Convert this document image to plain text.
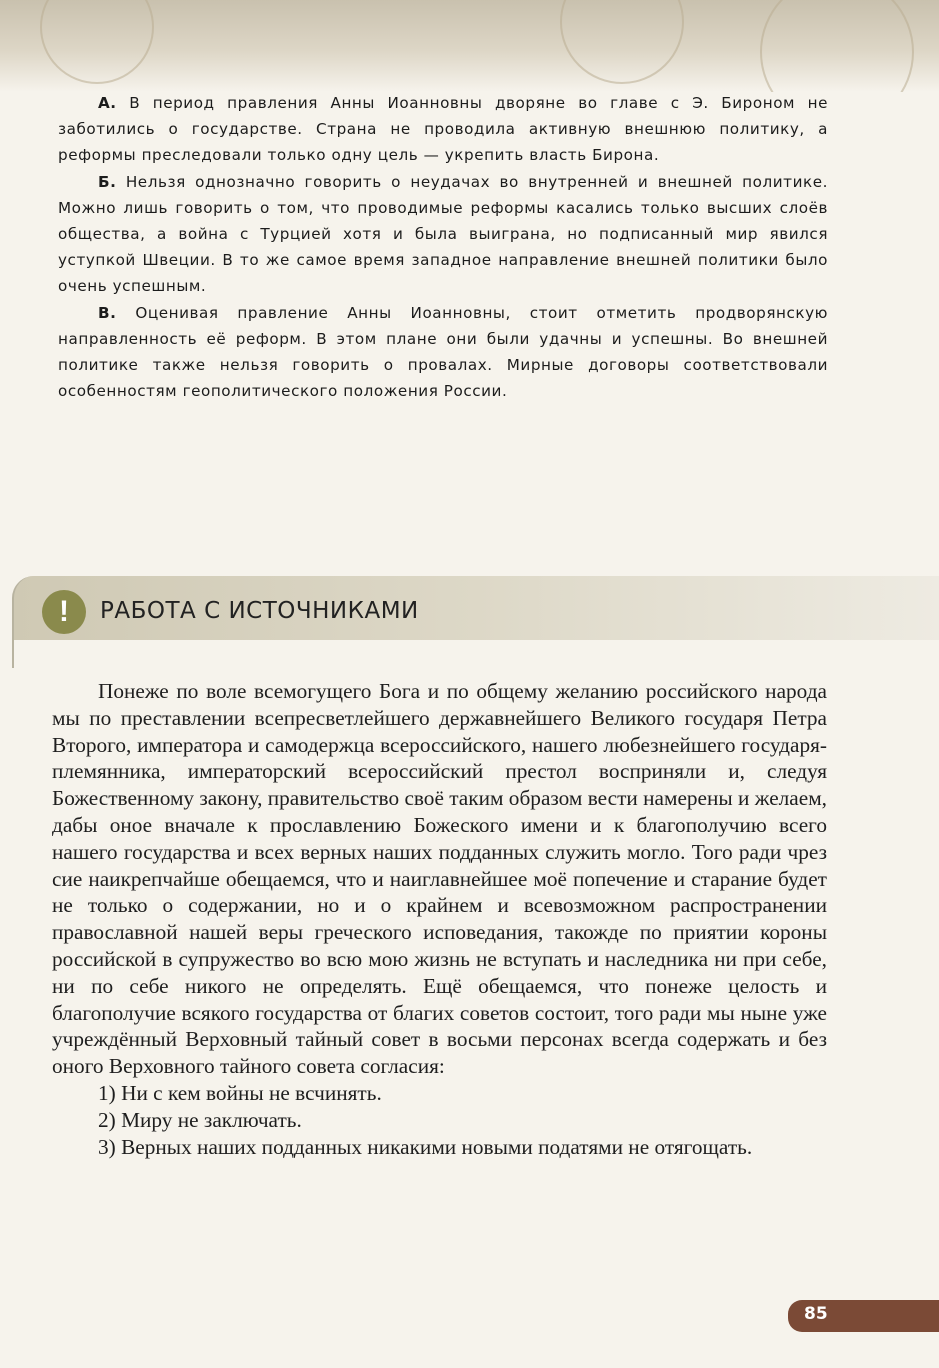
А. В период правления Анны Иоанновны дворяне во главе с Э. Бироном не заботились о государстве. Страна не проводила активную внешнюю политику, а реформы преследовали только одну цель — укрепить власть Бирона.

Б. Нельзя однозначно говорить о неудачах во внутренней и внешней политике. Можно лишь говорить о том, что проводимые реформы касались только высших слоёв общества, а война с Турцией хотя и была выиграна, но подписанный мир явился уступкой Швеции. В то же самое время западное направление внешней политики было очень успешным.

В. Оценивая правление Анны Иоанновны, стоит отметить продворянскую направленность её реформ. В этом плане они были удачны и успешны. Во внешней политике также нельзя говорить о провалах. Мирные договоры соответствовали особенностям геополитического положения России.

!	РАБОТА С ИСТОЧНИКАМИ

Понеже по воле всемогущего Бога и по общему желанию российского народа мы по преставлении всепресветлейшего державнейшего Великого государя Петра Второго, императора и самодержца всероссийского, нашего любезнейшего государя-племянника, императорский всероссийский престол восприняли и, следуя Божественному закону, правительство своё таким образом вести намерены и желаем, дабы оное вначале к прославлению Божеского имени и к благополучию всего нашего государства и всех верных наших подданных служить могло. Того ради чрез сие наикрепчайше обещаемся, что и наиглавнейшее моё попечение и старание будет не только о содержании, но и о крайнем и всевозможном распространении православной нашей веры греческого исповедания, такожде по приятии короны российской в супружество во всю мою жизнь не вступать и наследника ни при себе, ни по себе никого не определять. Ещё обещаемся, что понеже целость и благополучие всякого государства от благих советов состоит, того ради мы ныне уже учреждённый Верховный тайный совет в восьми персонах всегда содержать и без оного Верховного тайного совета согласия:

1) Ни с кем войны не всчинять.

2) Миру не заключать.

3) Верных наших подданных никакими новыми податями не отягощать.

85
